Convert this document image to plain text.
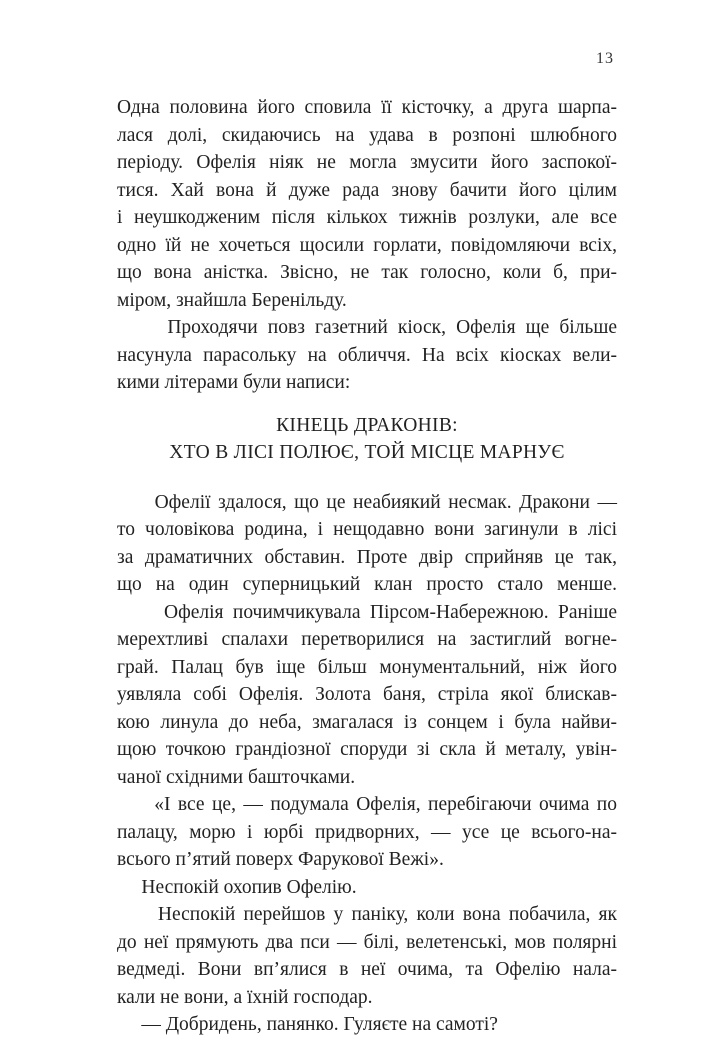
13
Одна половина його сповила її кісточку, а друга шарпа-
лася долі, скидаючись на удава в розпоні шлюбного
періоду. Офелія ніяк не могла змусити його заспокої-
тися. Хай вона й дуже рада знову бачити його цілим
і неушкодженим після кількох тижнів розлуки, але все
одно їй не хочеться щосили горлати, повідомляючи всіх,
що вона аністка. Звісно, не так голосно, коли б, при-
міром, знайшла Беренільду.
Проходячи повз газетний кіоск, Офелія ще більше
насунула парасольку на обличчя. На всіх кіосках вели-
кими літерами були написи:
КІНЕЦЬ ДРАКОНІВ:
ХТО В ЛІСІ ПОЛЮЄ, ТОЙ МІСЦЕ МАРНУЄ
Офелії здалося, що це неабиякий несмак. Дракони —
то чоловікова родина, і нещодавно вони загинули в лісі
за драматичних обставин. Проте двір сприйняв це так,
що на один суперницький клан просто стало менше.
Офелія почимчикувала Пірсом-Набережною. Раніше
мерехтливі спалахи перетворилися на застиглий вогне-
грай. Палац був іще більш монументальний, ніж його
уявляла собі Офелія. Золота баня, стріла якої блискав-
кою линула до неба, змагалася із сонцем і була найви-
щою точкою грандіозної споруди зі скла й металу, увін-
чаної східними баштoчками.
«І все це, — подумала Офелія, перебігаючи очима по
палацу, морю і юрбі придворних, — усе це всього-на-
всього п’ятий поверх Фарукової Вежі».
Неспокій охопив Офелію.
Неспокій перейшов у паніку, коли вона побачила, як
до неї прямують два пси — білі, велетенські, мов полярні
ведмеді. Вони вп’ялися в неї очима, та Офелію нала-
кали не вони, а їхній господар.
— Добридень, панянко. Гуляєте на самоті?
